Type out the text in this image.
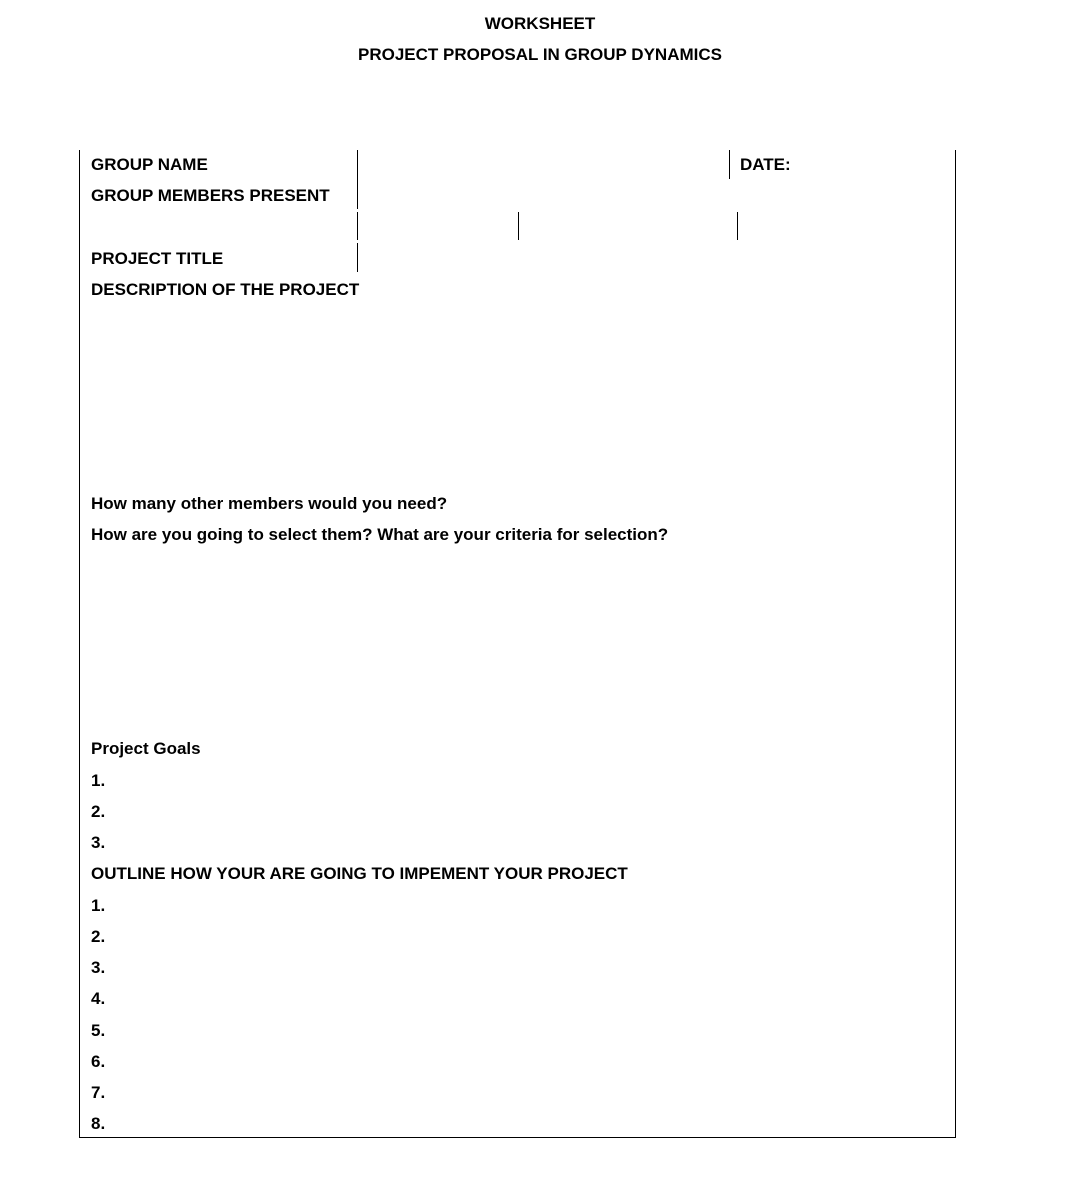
WORKSHEET
PROJECT PROPOSAL IN GROUP DYNAMICS
GROUP NAME	DATE:
GROUP MEMBERS PRESENT
PROJECT TITLE
DESCRIPTION OF THE PROJECT
How many other members would you need?
How are you going to select them? What are your criteria for selection?
Project Goals
1.
2.
3.
OUTLINE HOW YOUR ARE GOING TO IMPEMENT YOUR PROJECT
1.
2.
3.
4.
5.
6.
7.
8.
